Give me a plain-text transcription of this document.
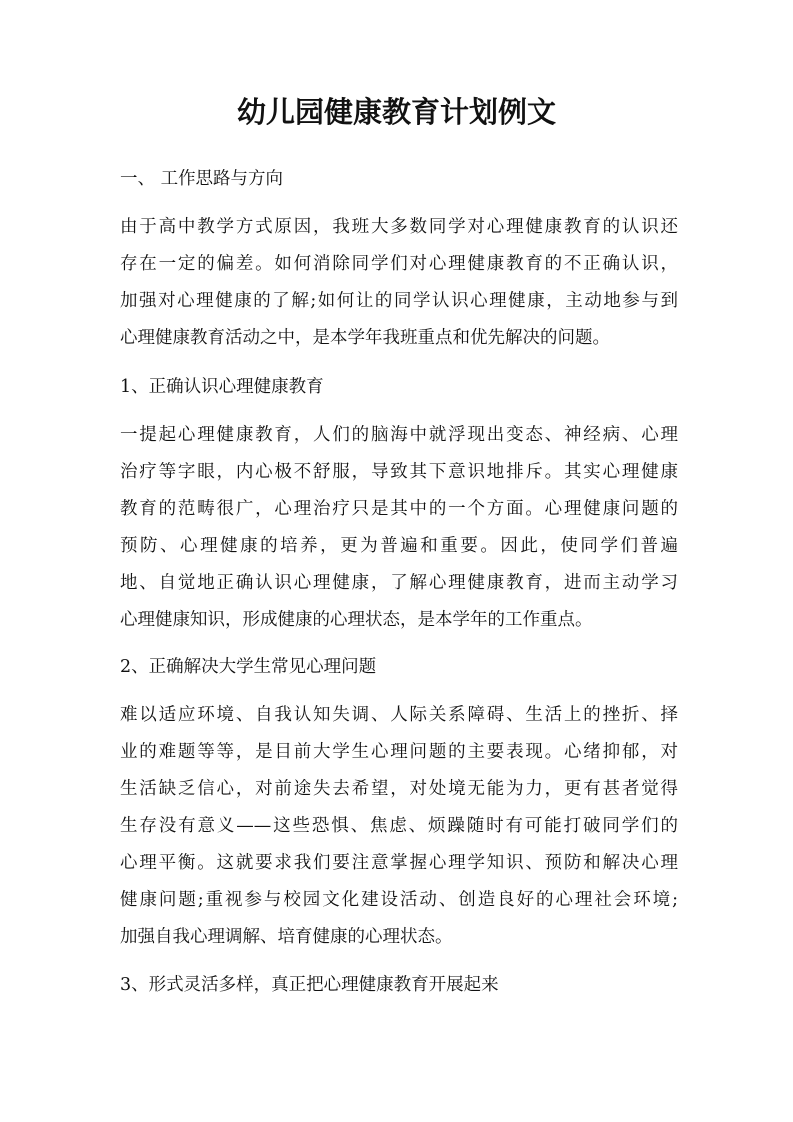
幼儿园健康教育计划例文

一、 工作思路与方向

由于高中教学方式原因，我班大多数同学对心理健康教育的认识还
存在一定的偏差。如何消除同学们对心理健康教育的不正确认识，
加强对心理健康的了解;如何让的同学认识心理健康，主动地参与到
心理健康教育活动之中，是本学年我班重点和优先解决的问题。

1、正确认识心理健康教育

一提起心理健康教育，人们的脑海中就浮现出变态、神经病、心理
治疗等字眼，内心极不舒服，导致其下意识地排斥。其实心理健康
教育的范畴很广，心理治疗只是其中的一个方面。心理健康问题的
预防、心理健康的培养，更为普遍和重要。因此，使同学们普遍
地、自觉地正确认识心理健康，了解心理健康教育，进而主动学习
心理健康知识，形成健康的心理状态，是本学年的工作重点。

2、正确解决大学生常见心理问题

难以适应环境、自我认知失调、人际关系障碍、生活上的挫折、择
业的难题等等，是目前大学生心理问题的主要表现。心绪抑郁，对
生活缺乏信心，对前途失去希望，对处境无能为力，更有甚者觉得
生存没有意义——这些恐惧、焦虑、烦躁随时有可能打破同学们的
心理平衡。这就要求我们要注意掌握心理学知识、预防和解决心理
健康问题;重视参与校园文化建设活动、创造良好的心理社会环境;
加强自我心理调解、培育健康的心理状态。

3、形式灵活多样，真正把心理健康教育开展起来
